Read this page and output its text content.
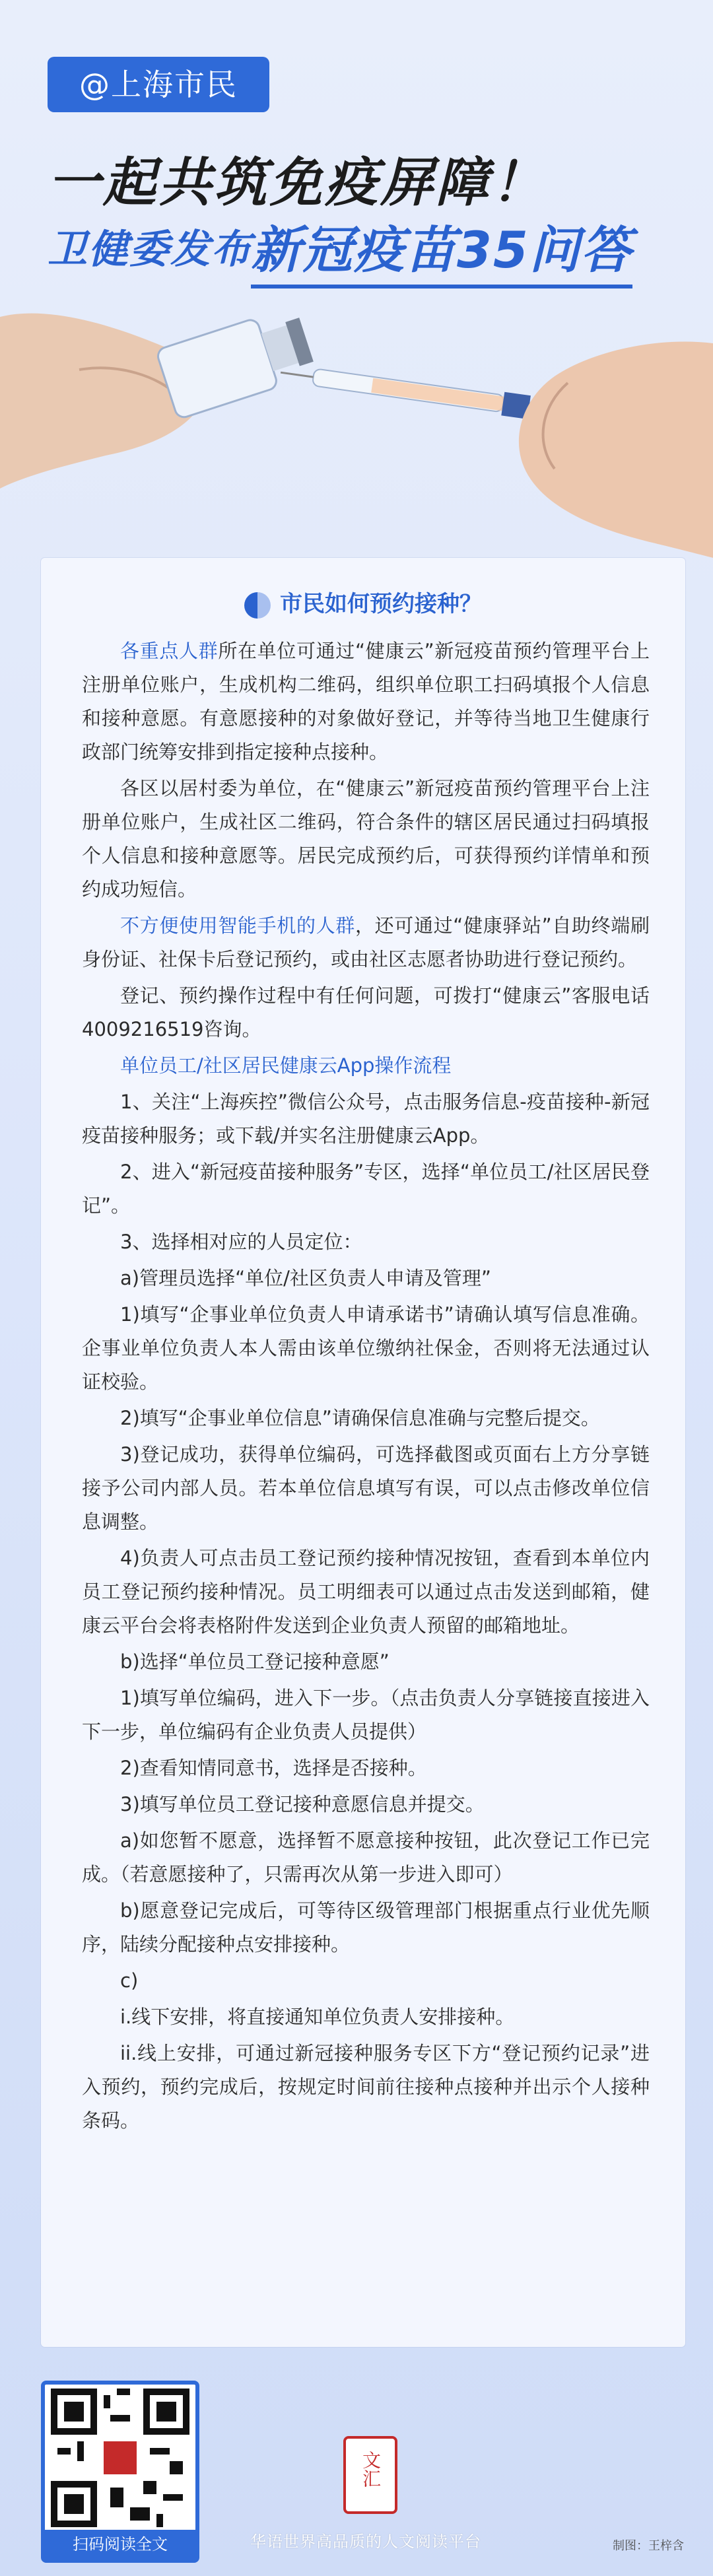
@上海市民
一起共筑免疫屏障！
卫健委发布
新冠疫苗35问答
市民如何预约接种？

各重点人群所在单位可通过“健康云”新冠疫苗预约管理平台上注册单位账户，生成机构二维码，组织单位职工扫码填报个人信息和接种意愿。有意愿接种的对象做好登记，并等待当地卫生健康行政部门统筹安排到指定接种点接种。

各区以居村委为单位，在“健康云”新冠疫苗预约管理平台上注册单位账户，生成社区二维码，符合条件的辖区居民通过扫码填报个人信息和接种意愿等。居民完成预约后，可获得预约详情单和预约成功短信。

不方便使用智能手机的人群，还可通过“健康驿站”自助终端刷身份证、社保卡后登记预约，或由社区志愿者协助进行登记预约。

登记、预约操作过程中有任何问题，可拨打“健康云”客服电话4009216519咨询。

单位员工/社区居民健康云App操作流程

1、关注“上海疾控”微信公众号，点击服务信息-疫苗接种-新冠疫苗接种服务；或下载/并实名注册健康云App。

2、进入“新冠疫苗接种服务”专区，选择“单位员工/社区居民登记”。

3、选择相对应的人员定位：

a)管理员选择“单位/社区负责人申请及管理”

1)填写“企事业单位负责人申请承诺书”请确认填写信息准确。企事业单位负责人本人需由该单位缴纳社保金，否则将无法通过认证校验。

2)填写“企事业单位信息”请确保信息准确与完整后提交。

3)登记成功，获得单位编码，可选择截图或页面右上方分享链接予公司内部人员。若本单位信息填写有误，可以点击修改单位信息调整。

4)负责人可点击员工登记预约接种情况按钮，查看到本单位内员工登记预约接种情况。员工明细表可以通过点击发送到邮箱，健康云平台会将表格附件发送到企业负责人预留的邮箱地址。

b)选择“单位员工登记接种意愿”

1)填写单位编码，进入下一步。（点击负责人分享链接直接进入下一步，单位编码有企业负责人员提供）

2)查看知情同意书，选择是否接种。

3)填写单位员工登记接种意愿信息并提交。

a)如您暂不愿意，选择暂不愿意接种按钮，此次登记工作已完成。（若意愿接种了，只需再次从第一步进入即可）

b)愿意登记完成后，可等待区级管理部门根据重点行业优先顺序，陆续分配接种点安排接种。

c)

i.线下安排，将直接通知单位负责人安排接种。

ii.线上安排，可通过新冠接种服务专区下方“登记预约记录”进入预约，预约完成后，按规定时间前往接种点接种并出示个人接种条码。

扫码阅读全文
文汇
华语世界高品质的人文阅读平台	制图：王梓含
